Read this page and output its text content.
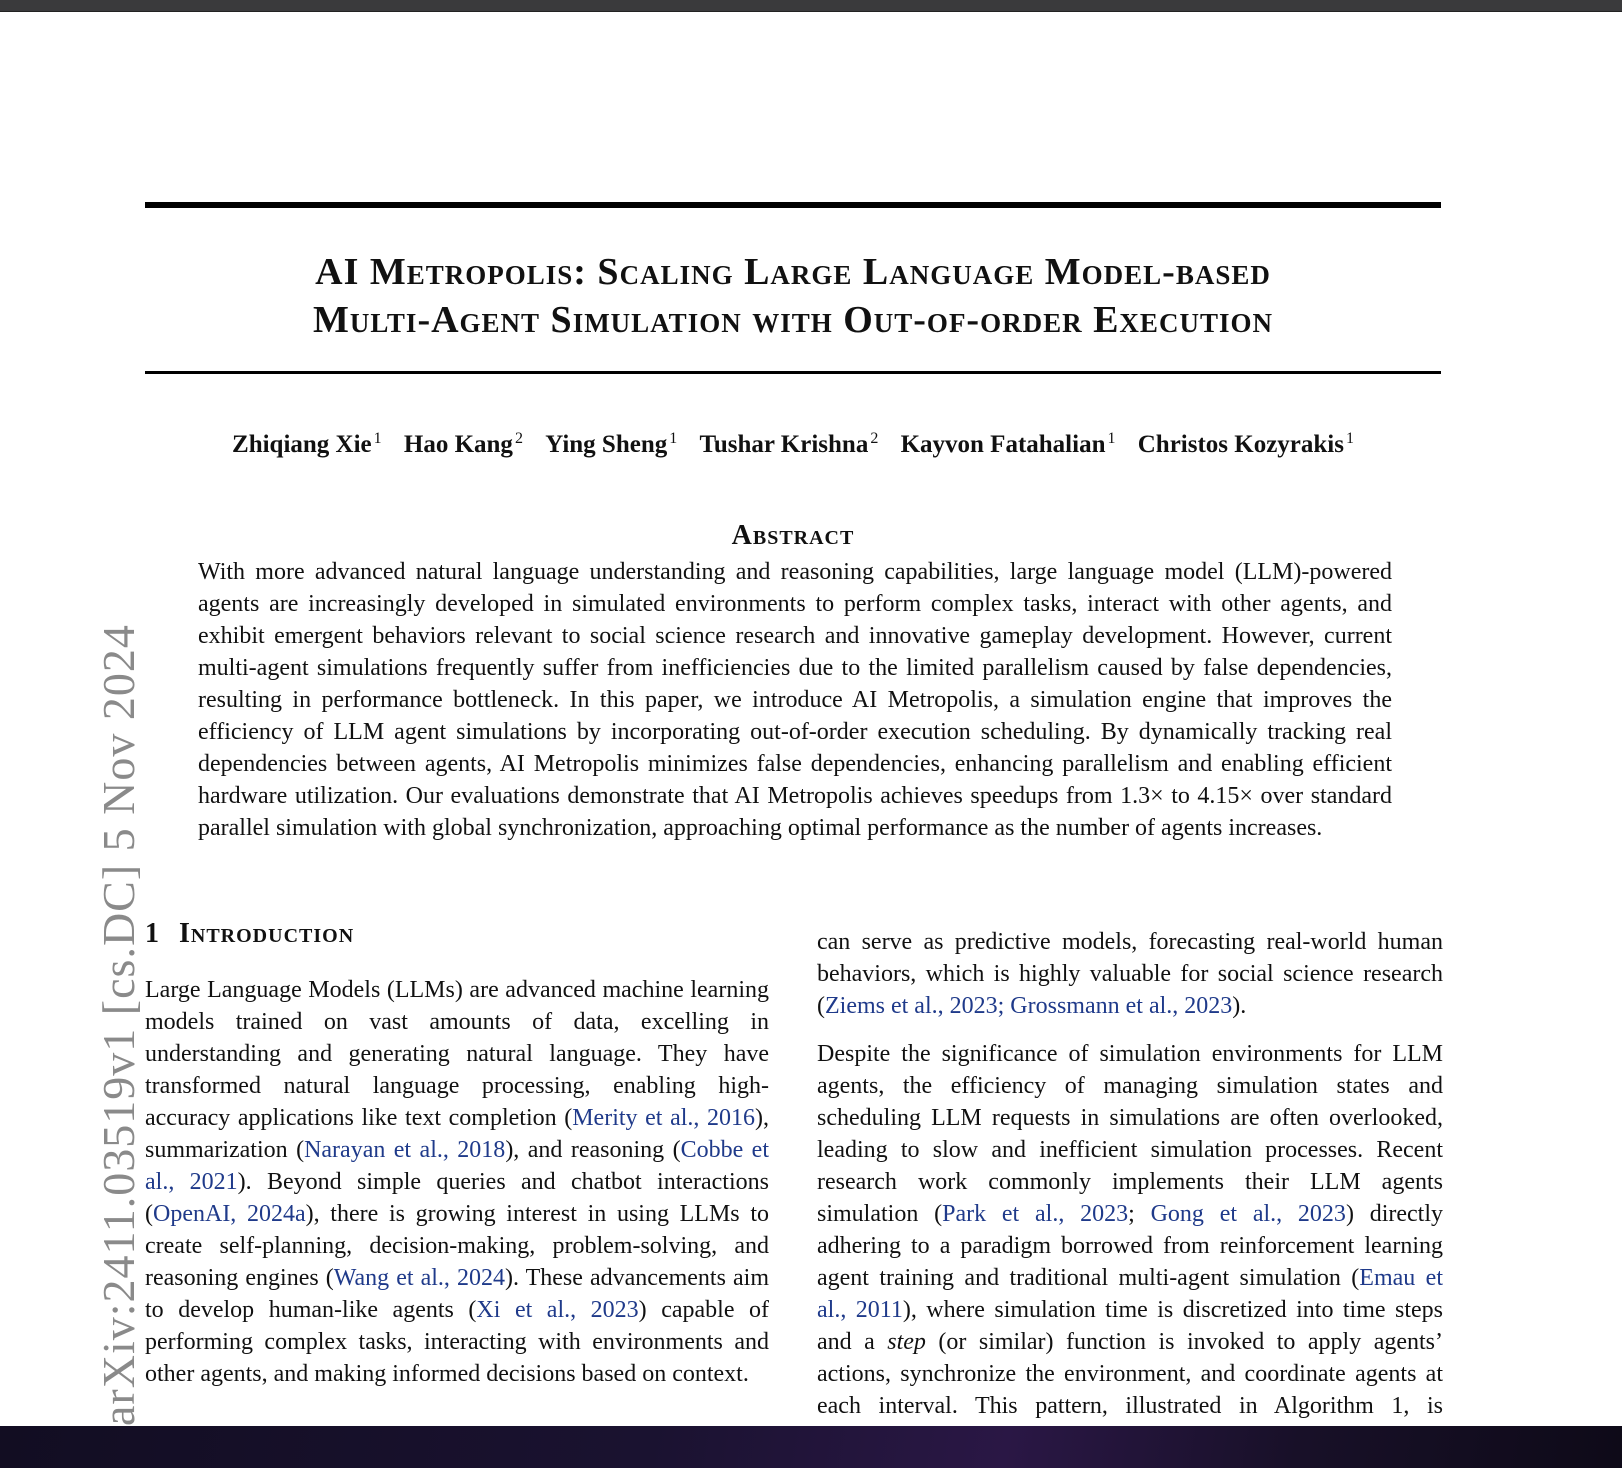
AI Metropolis: Scaling Large Language Model-based
Multi-Agent Simulation with Out-of-order Execution
Zhiqiang Xie $^1$ Hao Kang $^2$ Ying Sheng $^1$ Tushar Krishna $^2$ Kayvon Fatahalian $^1$ Christos Kozyrakis $^1$
Abstract
With more advanced natural language understanding and reasoning capabilities, large language model (LLM)-powered agents are increasingly developed in simulated environments to perform complex tasks, interact with other agents, and exhibit emergent behaviors relevant to social science research and innovative gameplay development. However, current multi-agent simulations frequently suffer from inefficiencies due to the limited parallelism caused by false dependencies, resulting in performance bottleneck. In this paper, we introduce AI Metropolis, a simulation engine that improves the efficiency of LLM agent simulations by incorporating out-of-order execution scheduling. By dynamically tracking real dependencies between agents, AI Metropolis minimizes false dependencies, enhancing parallelism and enabling efficient hardware utilization. Our evaluations demonstrate that AI Metropolis achieves speedups from 1.3× to 4.15× over standard parallel simulation with global synchronization, approaching optimal performance as the number of agents increases.
arXiv:2411.03519v1 [cs.DC] 5 Nov 2024 1 Introduction

Large Language Models (LLMs) are advanced machine learning models trained on vast amounts of data, excelling in understanding and generating natural language. They have transformed natural language processing, enabling high-accuracy applications like text completion (Merity et al., 2016), summarization (Narayan et al., 2018), and reasoning (Cobbe et al., 2021). Beyond simple queries and chatbot interactions (OpenAI, 2024a), there is growing interest in using LLMs to create self-planning, decision-making, problem-solving, and reasoning engines (Wang et al., 2024). These advancements aim to develop human-like agents (Xi et al., 2023) capable of performing complex tasks, interacting with environments and other agents, and making informed decisions based on context.

can serve as predictive models, forecasting real-world human behaviors, which is highly valuable for social science research (Ziems et al., 2023; Grossmann et al., 2023).

Despite the significance of simulation environments for LLM agents, the efficiency of managing simulation states and scheduling LLM requests in simulations are often overlooked, leading to slow and inefficient simulation processes. Recent research work commonly implements their LLM agents simulation (Park et al., 2023; Gong et al., 2023) directly adhering to a paradigm borrowed from reinforcement learning agent training and traditional multi-agent simulation (Emau et al., 2011), where simulation time is discretized into time steps and a step (or similar) function is invoked to apply agents’ actions, synchronize the environment, and coordinate agents at each interval. This pattern, illustrated in Algorithm 1, is
